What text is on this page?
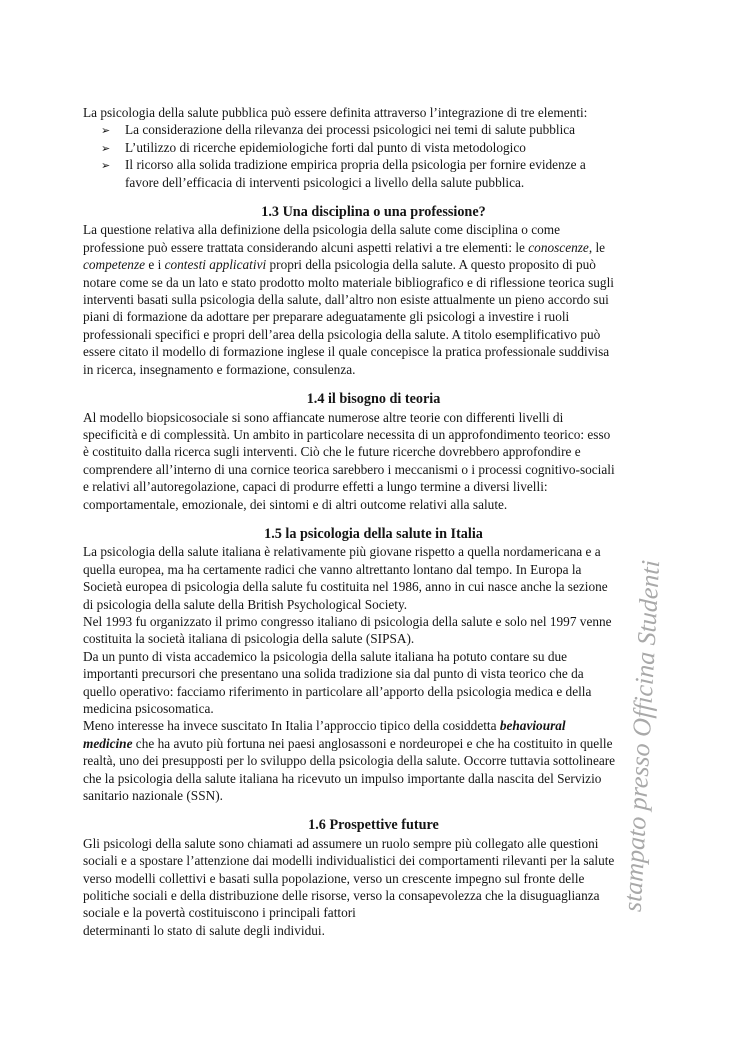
stampato presso Officina Studenti
La psicologia della salute pubblica può essere definita attraverso l’integrazione di tre elementi:
➢ La considerazione della rilevanza dei processi psicologici nei temi di salute pubblica
➢ L’utilizzo di ricerche epidemiologiche forti dal punto di vista metodologico
➢ Il ricorso alla solida tradizione empirica propria della psicologia per fornire evidenze a
favore dell’efficacia di interventi psicologici a livello della salute pubblica.
1.3 Una disciplina o una professione?
La questione relativa alla definizione della psicologia della salute come disciplina o come
professione può essere trattata considerando alcuni aspetti relativi a tre elementi: le conoscenze, le
competenze e i contesti applicativi propri della psicologia della salute. A questo proposito di può
notare come se da un lato e stato prodotto molto materiale bibliografico e di riflessione teorica sugli
interventi basati sulla psicologia della salute, dall’altro non esiste attualmente un pieno accordo sui
piani di formazione da adottare per preparare adeguatamente gli psicologi a investire i ruoli
professionali specifici e propri dell’area della psicologia della salute. A titolo esemplificativo può
essere citato il modello di formazione inglese il quale concepisce la pratica professionale suddivisa
in ricerca, insegnamento e formazione, consulenza.
1.4 il bisogno di teoria
Al modello biopsicosociale si sono affiancate numerose altre teorie con differenti livelli di
specificità e di complessità. Un ambito in particolare necessita di un approfondimento teorico: esso
è costituito dalla ricerca sugli interventi. Ciò che le future ricerche dovrebbero approfondire e
comprendere all’interno di una cornice teorica sarebbero i meccanismi o i processi cognitivo-sociali
e relativi all’autoregolazione, capaci di produrre effetti a lungo termine a diversi livelli:
comportamentale, emozionale, dei sintomi e di altri outcome relativi alla salute.
1.5 la psicologia della salute in Italia
La psicologia della salute italiana è relativamente più giovane rispetto a quella nordamericana e a
quella europea, ma ha certamente radici che vanno altrettanto lontano dal tempo. In Europa la
Società europea di psicologia della salute fu costituita nel 1986, anno in cui nasce anche la sezione
di psicologia della salute della British Psychological Society.
Nel 1993 fu organizzato il primo congresso italiano di psicologia della salute e solo nel 1997 venne
costituita la società italiana di psicologia della salute (SIPSA).
Da un punto di vista accademico la psicologia della salute italiana ha potuto contare su due
importanti precursori che presentano una solida tradizione sia dal punto di vista teorico che da
quello operativo: facciamo riferimento in particolare all’apporto della psicologia medica e della
medicina psicosomatica.
Meno interesse ha invece suscitato In Italia l’approccio tipico della cosiddetta behavioural
medicine che ha avuto più fortuna nei paesi anglosassoni e nordeuropei e che ha costituito in quelle
realtà, uno dei presupposti per lo sviluppo della psicologia della salute. Occorre tuttavia sottolineare
che la psicologia della salute italiana ha ricevuto un impulso importante dalla nascita del Servizio
sanitario nazionale (SSN).
1.6 Prospettive future
Gli psicologi della salute sono chiamati ad assumere un ruolo sempre più collegato alle questioni
sociali e a spostare l’attenzione dai modelli individualistici dei comportamenti rilevanti per la salute
verso modelli collettivi e basati sulla popolazione, verso un crescente impegno sul fronte delle
politiche sociali e della distribuzione delle risorse, verso la consapevolezza che la disuguaglianza
sociale e la povertà costituiscono i principali fattori
determinanti lo stato di salute degli individui.
